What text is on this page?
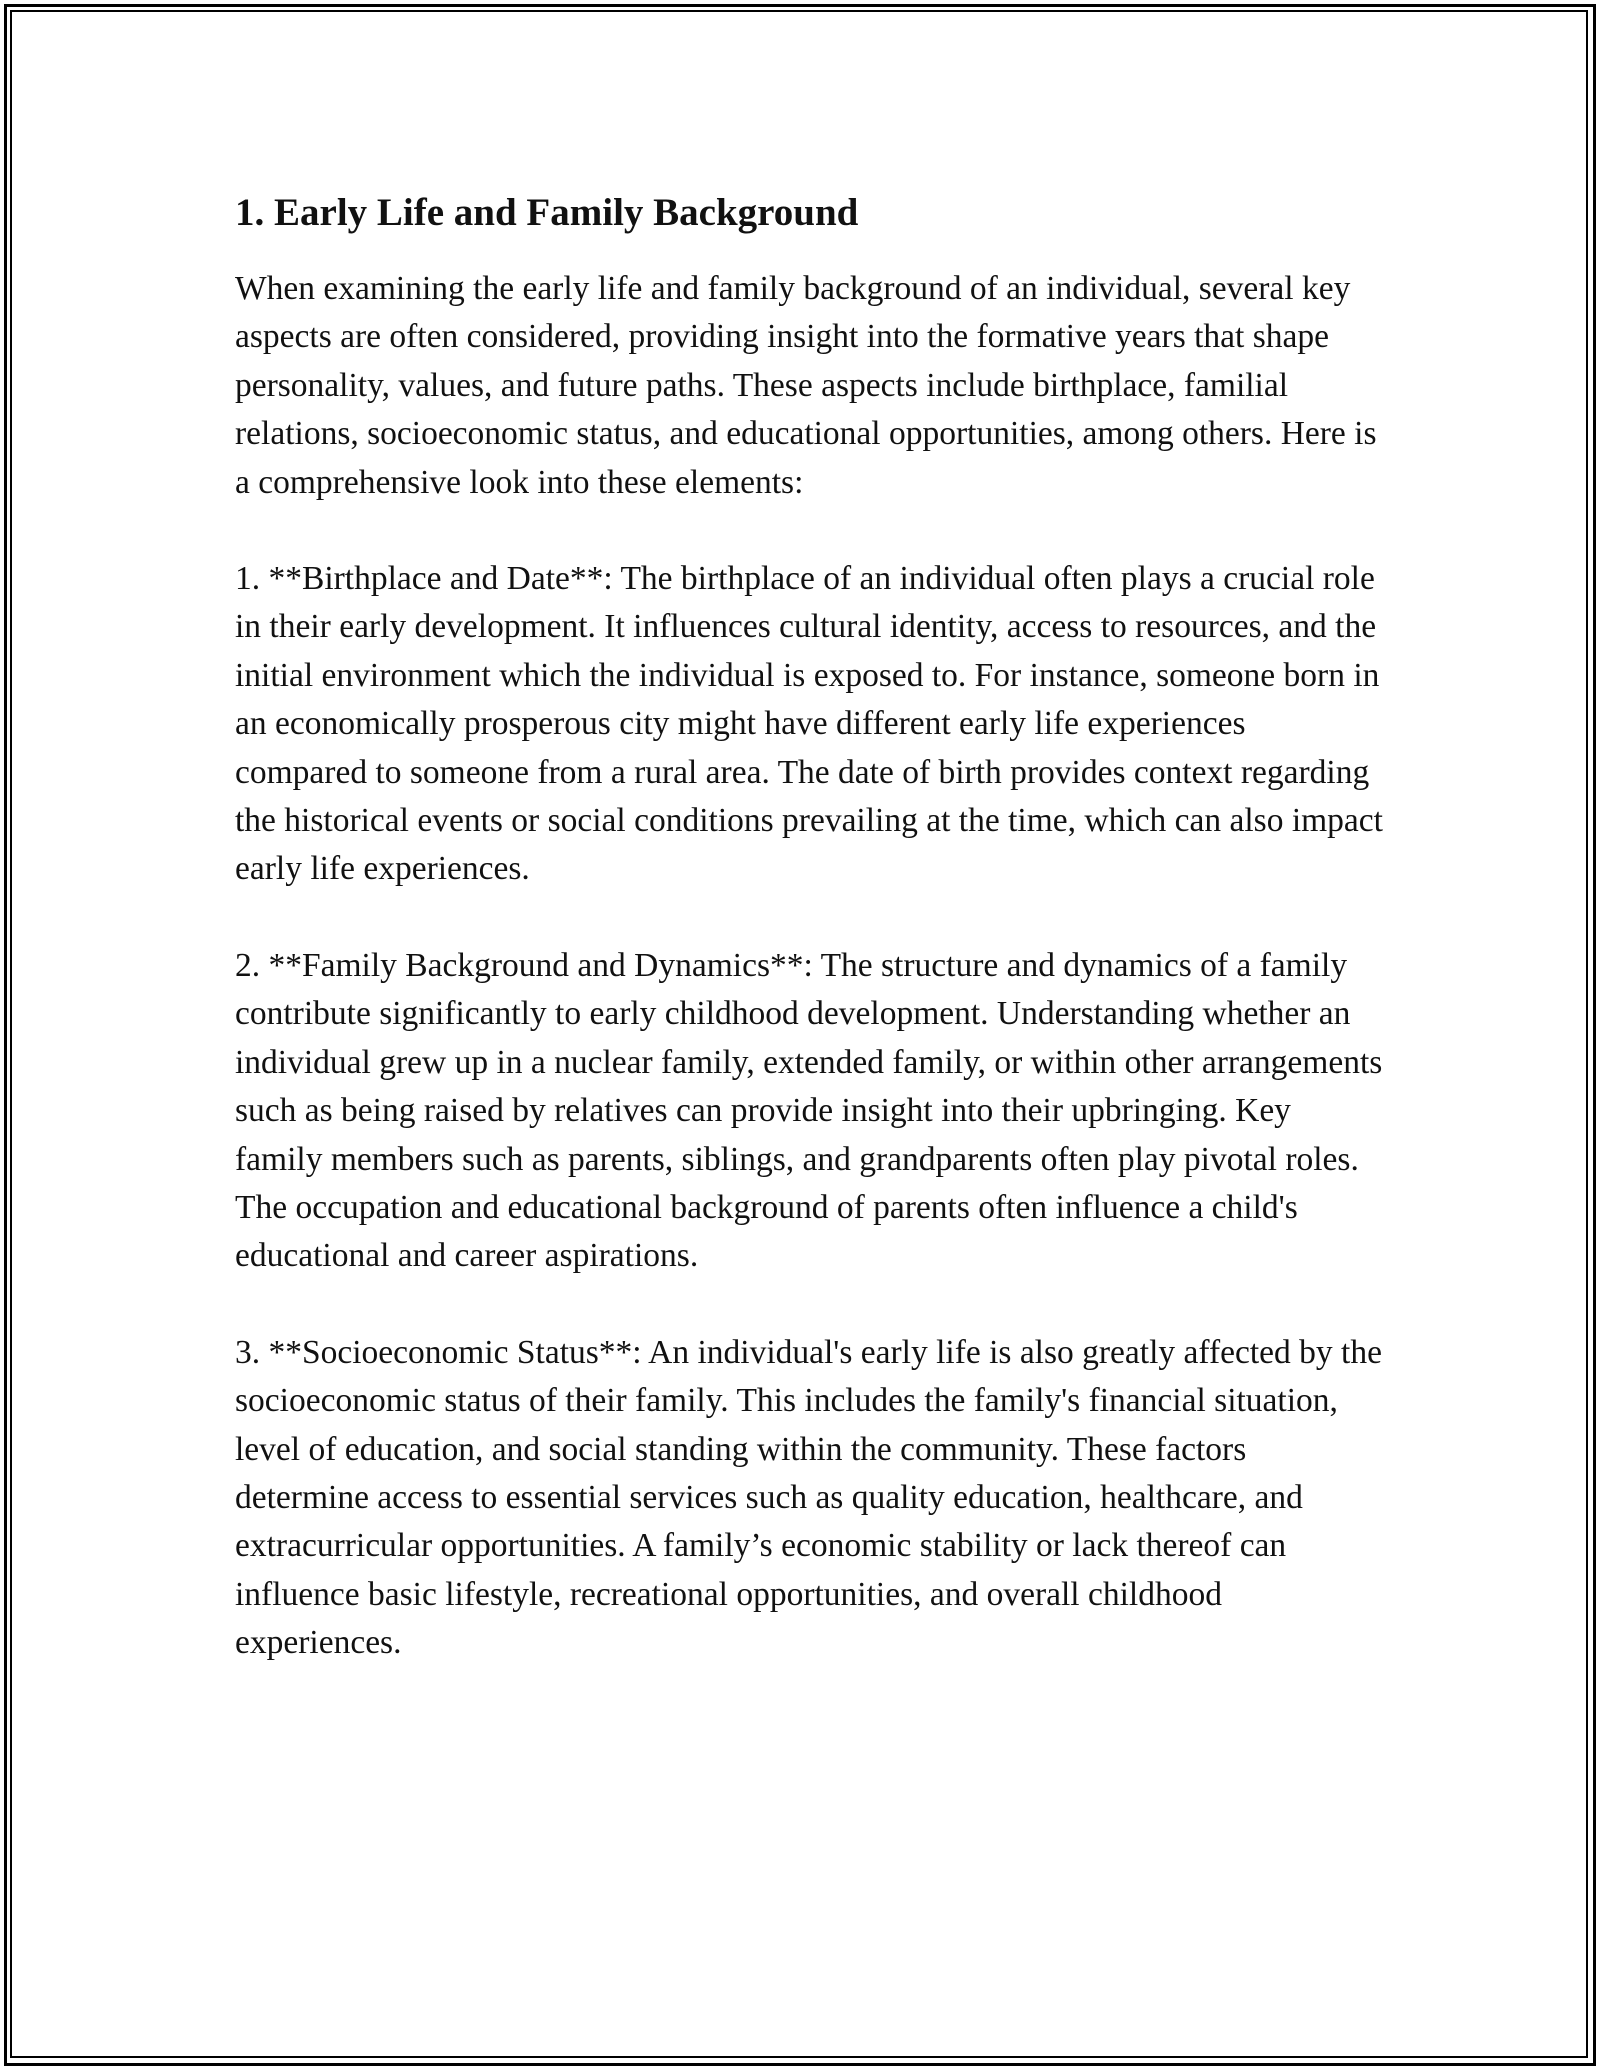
1. Early Life and Family Background

When examining the early life and family background of an individual, several key aspects are often considered, providing insight into the formative years that shape personality, values, and future paths. These aspects include birthplace, familial relations, socioeconomic status, and educational opportunities, among others. Here is a comprehensive look into these elements:

1. **Birthplace and Date**: The birthplace of an individual often plays a crucial role in their early development. It influences cultural identity, access to resources, and the initial environment which the individual is exposed to. For instance, someone born in an economically prosperous city might have different early life experiences compared to someone from a rural area. The date of birth provides context regarding the historical events or social conditions prevailing at the time, which can also impact early life experiences.

2. **Family Background and Dynamics**: The structure and dynamics of a family contribute significantly to early childhood development. Understanding whether an individual grew up in a nuclear family, extended family, or within other arrangements such as being raised by relatives can provide insight into their upbringing. Key family members such as parents, siblings, and grandparents often play pivotal roles. The occupation and educational background of parents often influence a child's educational and career aspirations.

3. **Socioeconomic Status**: An individual's early life is also greatly affected by the socioeconomic status of their family. This includes the family's financial situation, level of education, and social standing within the community. These factors determine access to essential services such as quality education, healthcare, and extracurricular opportunities. A family’s economic stability or lack thereof can influence basic lifestyle, recreational opportunities, and overall childhood experiences.
